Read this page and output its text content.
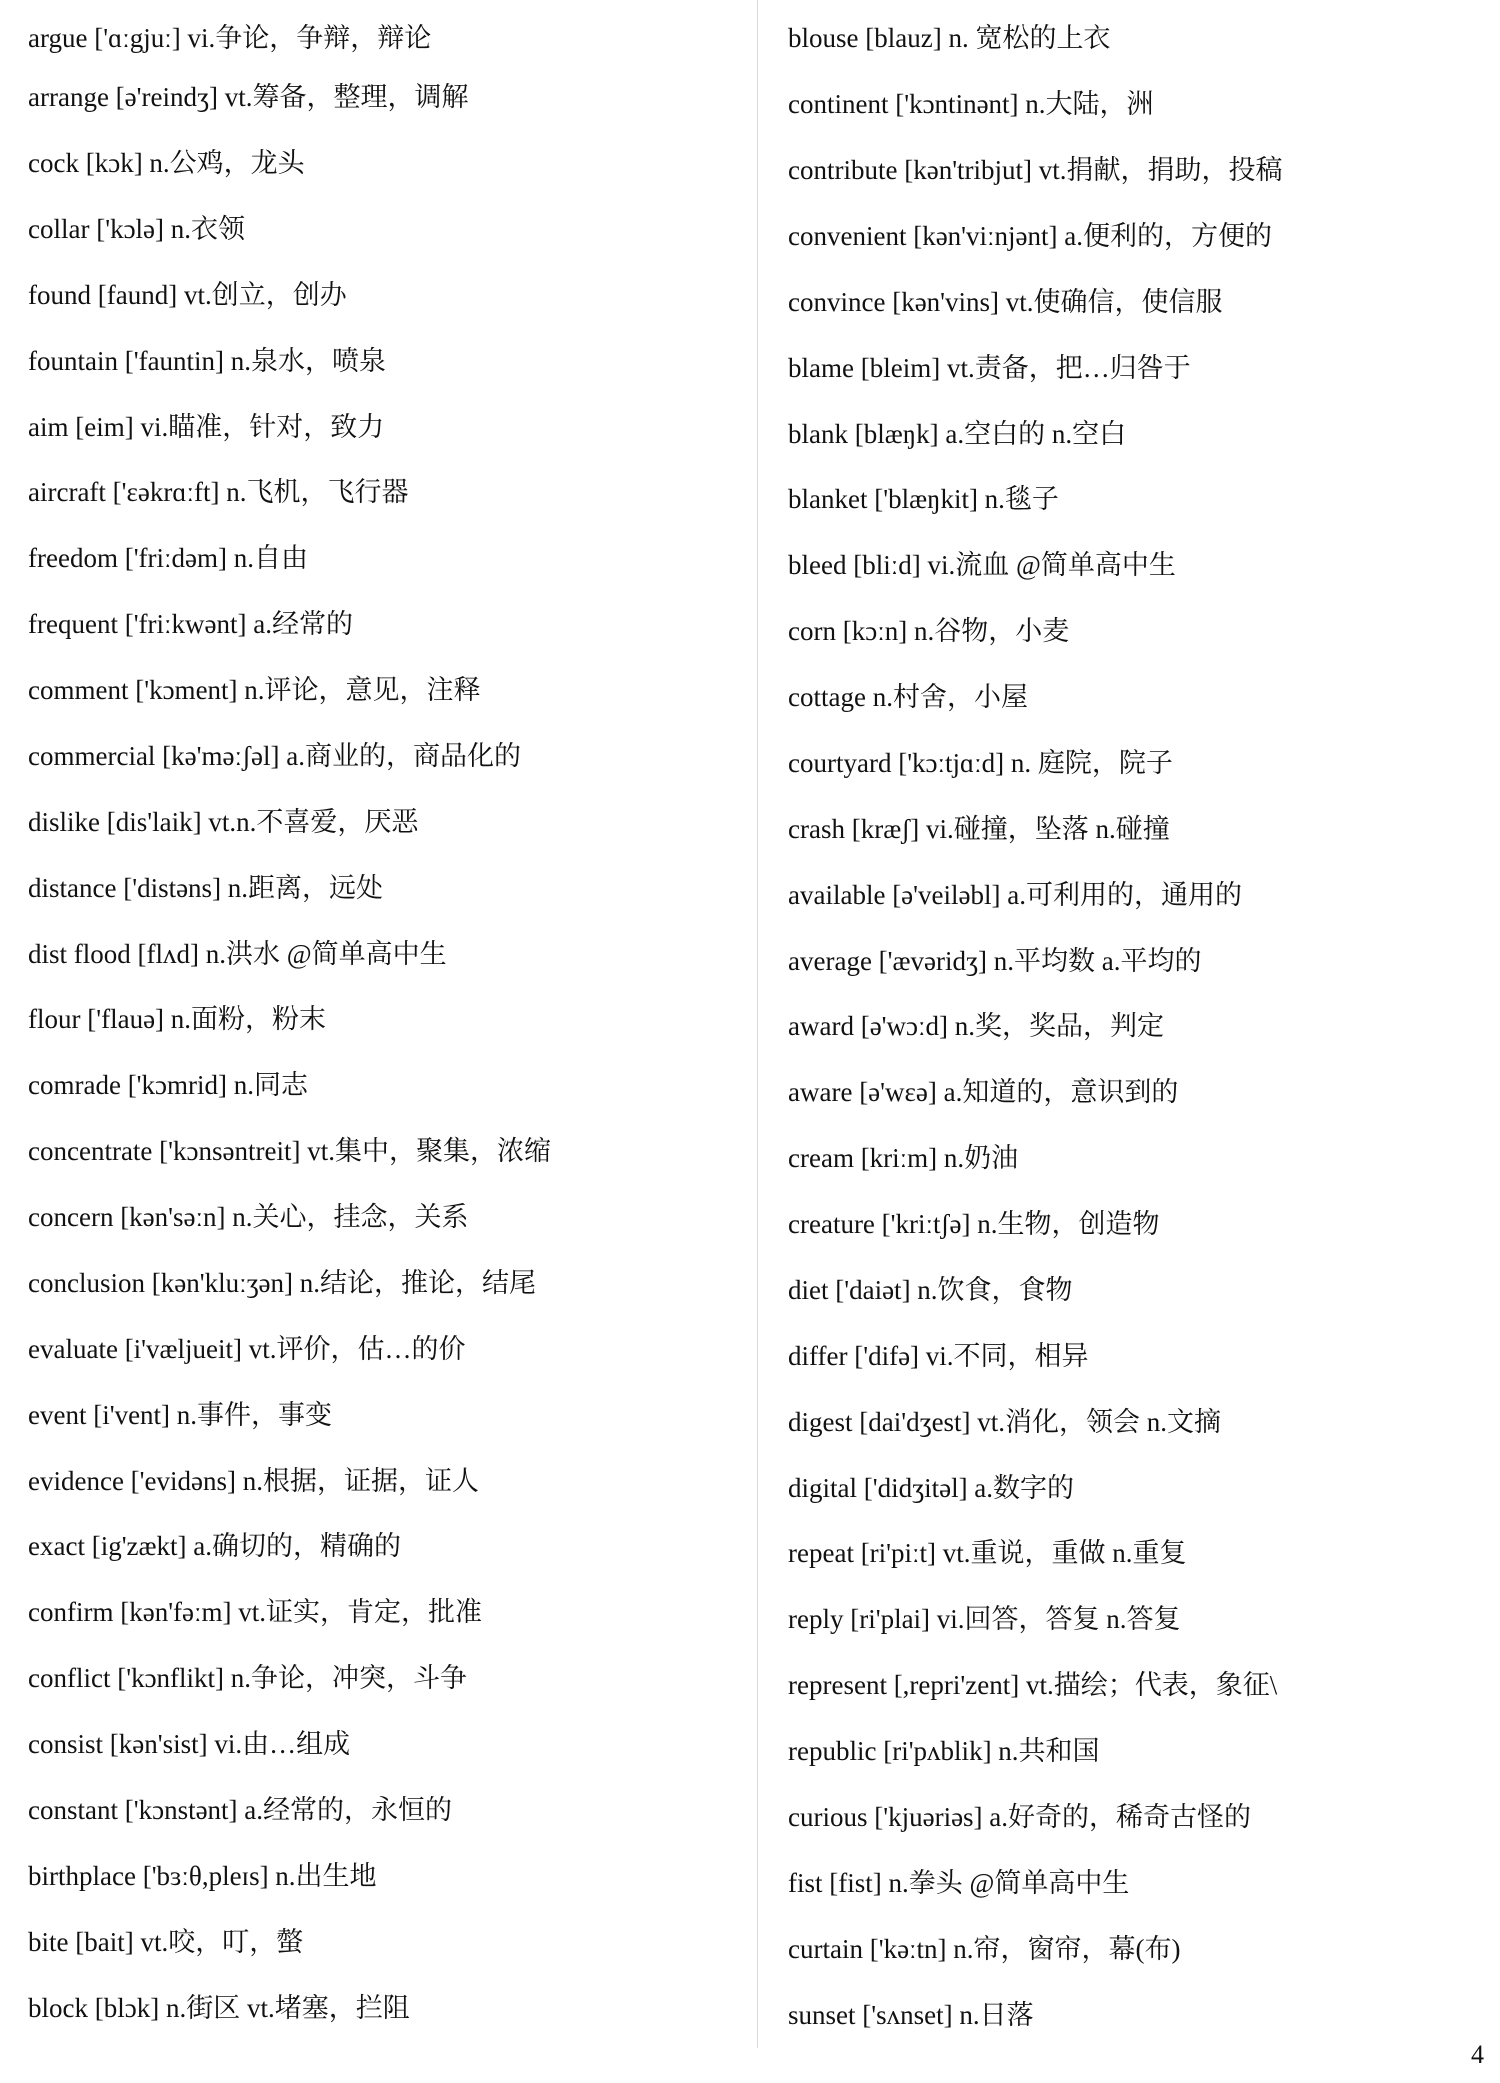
argue ['ɑːgjuː] vi.争论，争辩，辩论
arrange [ə'reindʒ] vt.筹备，整理，调解
cock [kɔk] n.公鸡，龙头
collar ['kɔlə] n.衣领
found [faund] vt.创立，创办
fountain ['fauntin] n.泉水，喷泉
aim [eim] vi.瞄准，针对，致力
aircraft ['ɛəkrɑːft] n.飞机，飞行器
freedom ['friːdəm] n.自由
frequent ['friːkwənt] a.经常的
comment ['kɔment] n.评论，意见，注释
commercial [kə'məːʃəl] a.商业的，商品化的
dislike [dis'laik] vt.n.不喜爱，厌恶
distance ['distəns] n.距离，远处
dist flood [flʌd] n.洪水 @简单高中生
flour ['flauə] n.面粉，粉末
comrade ['kɔmrid] n.同志
concentrate ['kɔnsəntreit] vt.集中，聚集，浓缩
concern [kən'səːn] n.关心，挂念，关系
conclusion [kən'kluːʒən] n.结论，推论，结尾
evaluate [i'væljueit] vt.评价，估…的价
event [i'vent] n.事件，事变
evidence ['evidəns] n.根据，证据，证人
exact [ig'zækt] a.确切的，精确的
confirm [kən'fəːm] vt.证实，肯定，批准
conflict ['kɔnflikt] n.争论，冲突，斗争
consist [kən'sist] vi.由…组成
constant ['kɔnstənt] a.经常的，永恒的
birthplace ['bɜːθ,pleɪs] n.出生地
bite [bait] vt.咬，叮，螫
block [blɔk] n.街区 vt.堵塞，拦阻
blouse [blauz] n. 宽松的上衣
continent ['kɔntinənt] n.大陆，洲
contribute [kən'tribjut] vt.捐献，捐助，投稿
convenient [kən'viːnjənt] a.便利的，方便的
convince [kən'vins] vt.使确信，使信服
blame [bleim] vt.责备，把…归咎于
blank [blæŋk] a.空白的 n.空白
blanket ['blæŋkit] n.毯子
bleed [bliːd] vi.流血 @简单高中生
corn [kɔːn] n.谷物，小麦
cottage n.村舍，小屋
courtyard ['kɔːtjɑːd] n. 庭院，院子
crash [kræʃ] vi.碰撞，坠落 n.碰撞
available [ə'veiləbl] a.可利用的，通用的
average ['ævəridʒ] n.平均数 a.平均的
award [ə'wɔːd] n.奖，奖品，判定
aware [ə'wɛə] a.知道的，意识到的
cream [kriːm] n.奶油
creature ['kriːtʃə] n.生物，创造物
diet ['daiət] n.饮食，食物
differ ['difə] vi.不同，相异
digest [dai'dʒest] vt.消化，领会 n.文摘
digital ['didʒitəl] a.数字的
repeat [ri'piːt] vt.重说，重做 n.重复
reply [ri'plai] vi.回答，答复 n.答复
represent [,repri'zent] vt.描绘；代表，象征\
republic [ri'pʌblik] n.共和国
curious ['kjuəriəs] a.好奇的，稀奇古怪的
fist [fist] n.拳头 @简单高中生
curtain ['kəːtn] n.帘，窗帘，幕(布)
sunset ['sʌnset] n.日落
4
